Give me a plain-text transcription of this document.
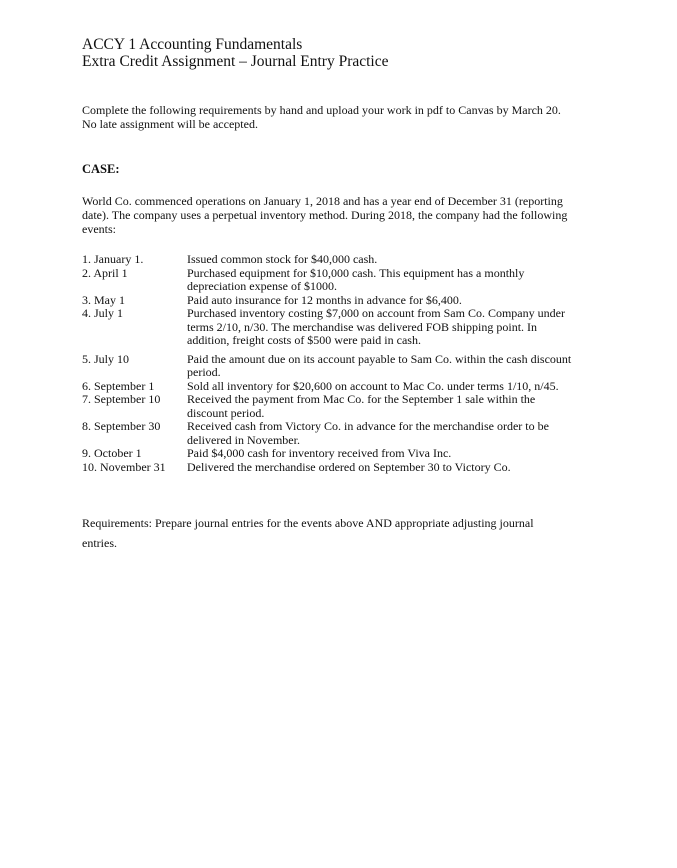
ACCY 1 Accounting Fundamentals
Extra Credit Assignment – Journal Entry Practice
Complete the following requirements by hand and upload your work in pdf to Canvas by March 20.
No late assignment will be accepted.
CASE:
World Co. commenced operations on January 1, 2018 and has a year end of December 31 (reporting
date). The company uses a perpetual inventory method. During 2018, the company had the following
events:
1. January 1.	Issued common stock for $40,000 cash.
2. April 1	Purchased equipment for $10,000 cash. This equipment has a monthly
depreciation expense of $1000.
3. May 1	Paid auto insurance for 12 months in advance for $6,400.
4. July 1	Purchased inventory costing $7,000 on account from Sam Co. Company under
terms 2/10, n/30. The merchandise was delivered FOB shipping point. In
addition, freight costs of $500 were paid in cash.
5. July 10	Paid the amount due on its account payable to Sam Co. within the cash discount
period.
6. September 1	Sold all inventory for $20,600 on account to Mac Co. under terms 1/10, n/45.
7. September 10	Received the payment from Mac Co. for the September 1 sale within the
discount period.
8. September 30	Received cash from Victory Co. in advance for the merchandise order to be
delivered in November.
9. October 1	Paid $4,000 cash for inventory received from Viva Inc.
10. November 31	Delivered the merchandise ordered on September 30 to Victory Co.
Requirements: Prepare journal entries for the events above AND appropriate adjusting journal
entries.
